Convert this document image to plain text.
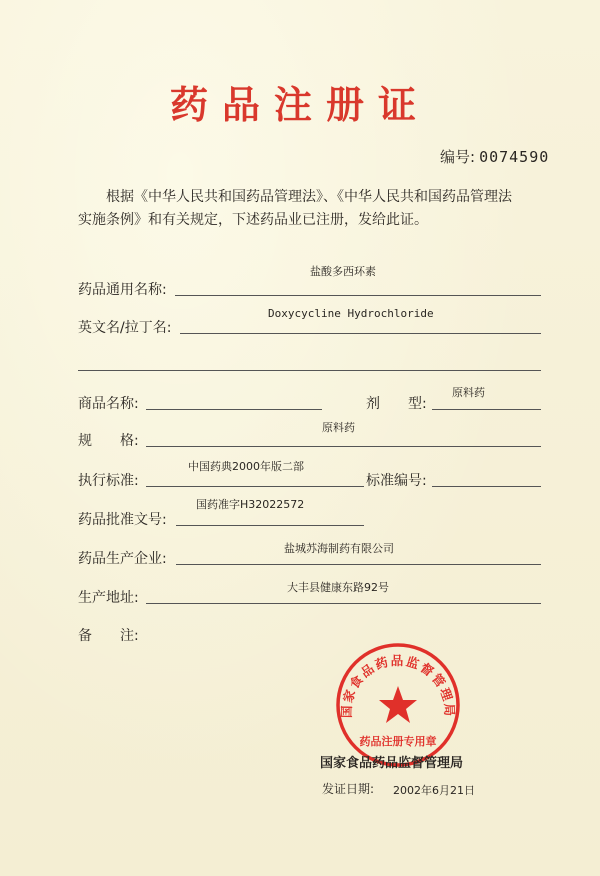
药品注册证
编号: 0074590
根据《中华人民共和国药品管理法》、《中华人民共和国药品管理法
实施条例》和有关规定，下述药品业已注册，发给此证。
药品通用名称:
盐酸多西环素
英文名/拉丁名:
Doxycycline Hydrochloride
商品名称:	剂　　型:
原料药
规　　格:
原料药
执行标准:
中国药典2000年版二部
标准编号:
药品批准文号:
国药准字H32022572
药品生产企业:
盐城苏海制药有限公司
生产地址:
大丰县健康东路92号
备　　注:
国家食品药品监督管理局
药品注册专用章
国家食品药品监督管理局
发证日期: 2002年6月21日
